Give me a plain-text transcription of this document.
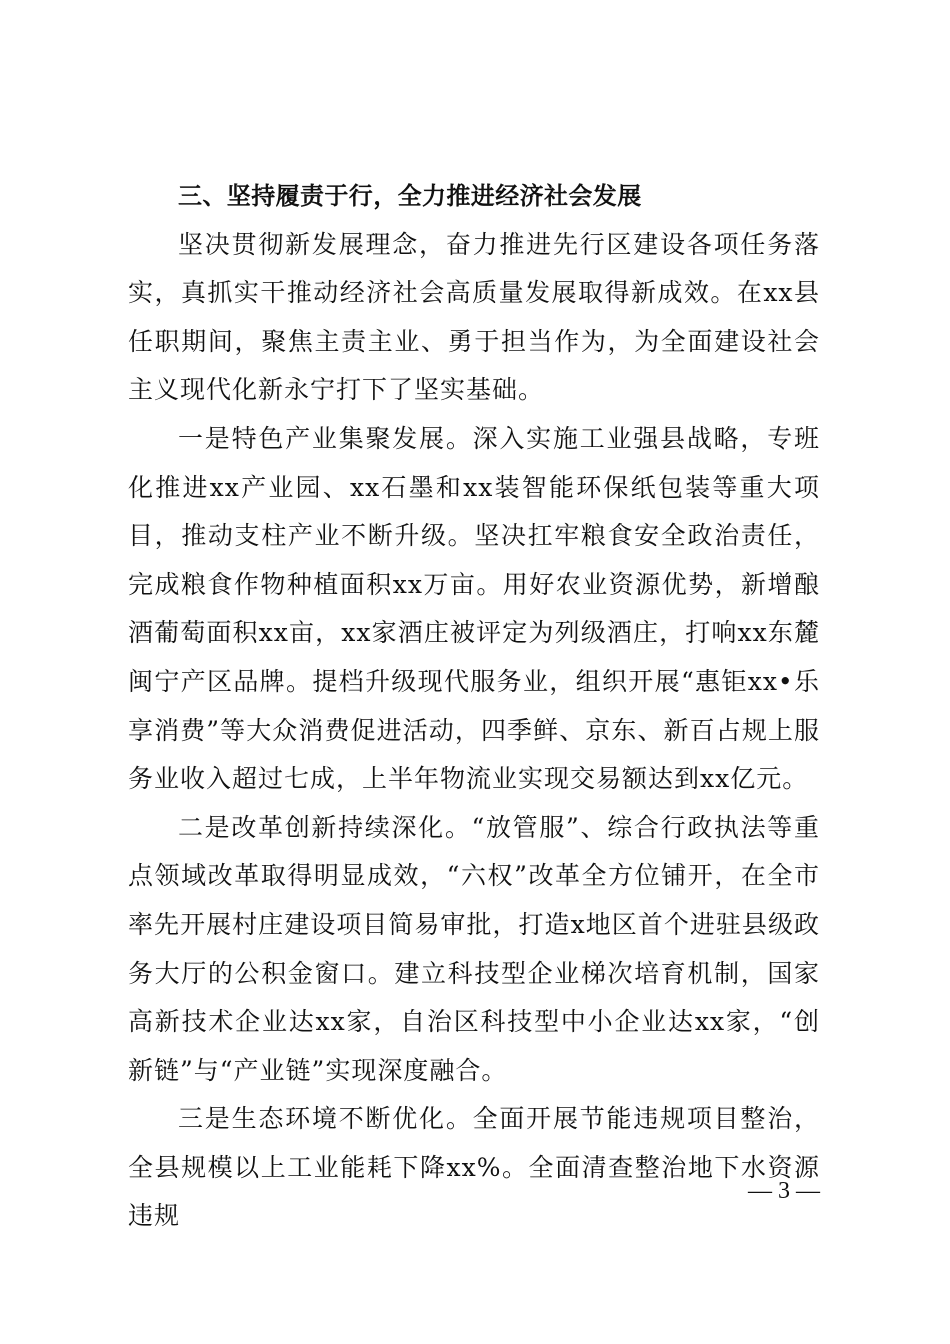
三、坚持履责于行，全力推进经济社会发展

坚决贯彻新发展理念，奋力推进先行区建设各项任务落实，真抓实干推动经济社会高质量发展取得新成效。在xx县任职期间，聚焦主责主业、勇于担当作为，为全面建设社会主义现代化新永宁打下了坚实基础。

一是特色产业集聚发展。深入实施工业强县战略，专班化推进xx产业园、xx石墨和xx装智能环保纸包装等重大项目，推动支柱产业不断升级。坚决扛牢粮食安全政治责任，完成粮食作物种植面积xx万亩。用好农业资源优势，新增酿酒葡萄面积xx亩，xx家酒庄被评定为列级酒庄，打响xx东麓闽宁产区品牌。提档升级现代服务业，组织开展“惠钜xx•乐享消费”等大众消费促进活动，四季鲜、京东、新百占规上服务业收入超过七成，上半年物流业实现交易额达到xx亿元。

二是改革创新持续深化。“放管服”、综合行政执法等重点领域改革取得明显成效，“六权”改革全方位铺开，在全市率先开展村庄建设项目简易审批，打造x地区首个进驻县级政务大厅的公积金窗口。建立科技型企业梯次培育机制，国家高新技术企业达xx家，自治区科技型中小企业达xx家，“创新链”与“产业链”实现深度融合。

三是生态环境不断优化。全面开展节能违规项目整治，全县规模以上工业能耗下降xx%。全面清查整治地下水资源违规

— 3 —
